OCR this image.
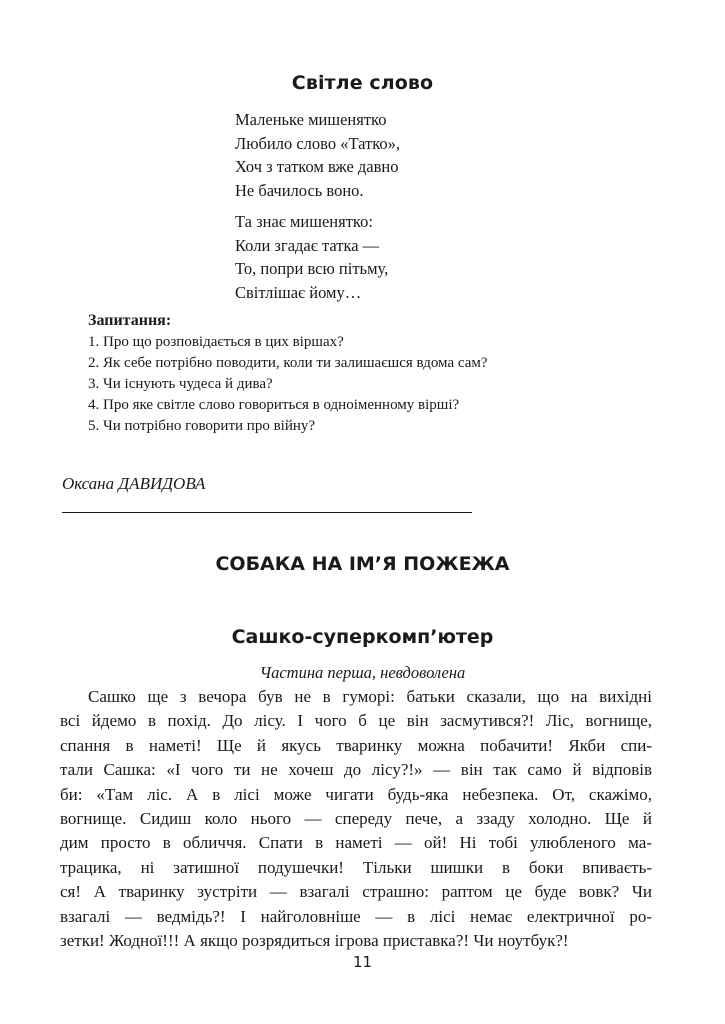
Світле слово
Маленьке мишенятко
Любило слово «Татко»,
Хоч з татком вже давно
Не бачилось воно.
Та знає мишенятко:
Коли згадає татка —
То, попри всю пітьму,
Світлішає йому…
Запитання:
1. Про що розповідається в цих віршах?
2. Як себе потрібно поводити, коли ти залишаєшся вдома сам?
3. Чи існують чудеса й дива?
4. Про яке світле слово говориться в одноіменному вірші?
5. Чи потрібно говорити про війну?
Оксана ДАВИДОВА
СОБАКА НА ІМ’Я ПОЖЕЖА
Сашко-суперкомп’ютер
Частина перша, невдоволена
Сашко ще з вечора був не в гуморі: батьки сказали, що на вихідні
всі йдемо в похід. До лісу. І чого б це він засмутився?! Ліс, вогнище,
спання в наметі! Ще й якусь тваринку можна побачити! Якби спи-
тали Сашка: «І чого ти не хочеш до лісу?!» — він так само й відповів
би: «Там ліс. А в лісі може чигати будь-яка небезпека. От, скажімо,
вогнище. Сидиш коло нього — спереду пече, а ззаду холодно. Ще й
дим просто в обличчя. Спати в наметі — ой! Ні тобі улюбленого ма-
трацика, ні затишної подушечки! Тільки шишки в боки впиваєть-
ся! А тваринку зустріти — взагалі страшно: раптом це буде вовк? Чи
взагалі — ведмідь?! І найголовніше — в лісі немає електричної ро-
зетки! Жодної!!! А якщо розрядиться ігрова приставка?! Чи ноутбук?!
11
